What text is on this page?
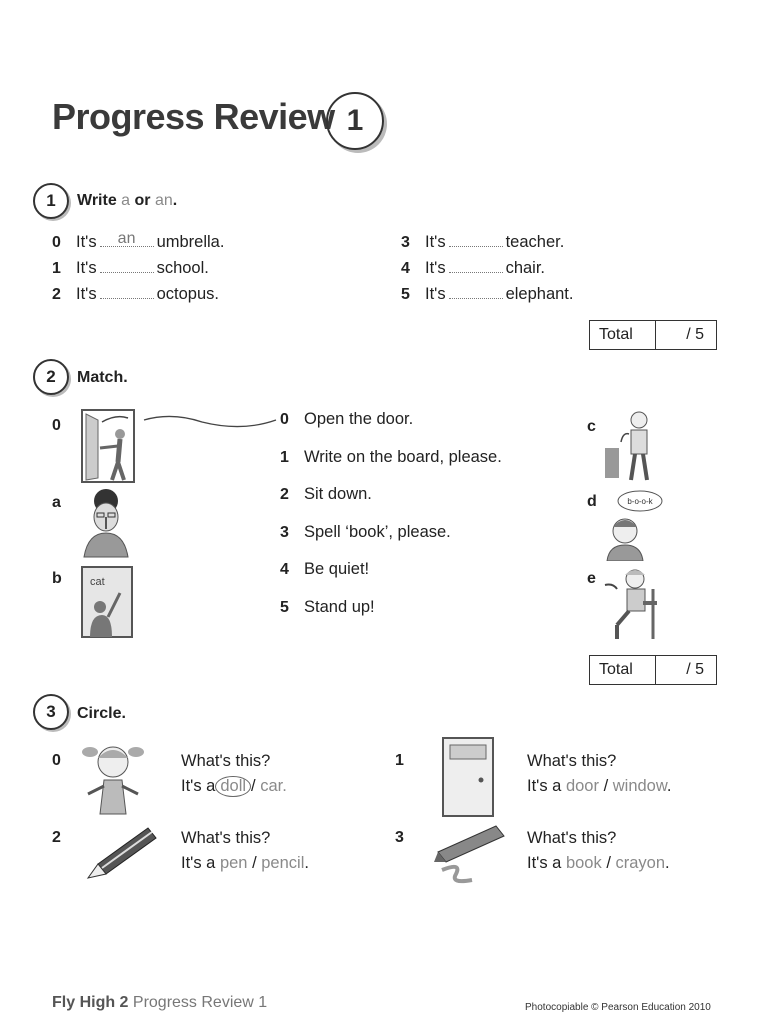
Progress Review 1
1	Write a or an.
0 It's	an	umbrella.
1 It's	school.
2 It's	octopus.
3 It's	teacher.
4 It's	chair.
5 It's	elephant.
Total	/ 5
2	Match.
0
a
b	cat
0 Open the door.
1 Write on the board, please.
2 Sit down.
3 Spell ‘book’, please.
4 Be quiet!
5 Stand up!
c
d
e
b-o-o-k
Total	/ 5
3	Circle.
0	What's this?
It's a doll / car.
1	What's this?
It's a door / window.
2	What's this?
It's a pen / pencil.
3	What's this?
It's a book / crayon.
Fly High 2 Progress Review 1	Photocopiable © Pearson Education 2010
